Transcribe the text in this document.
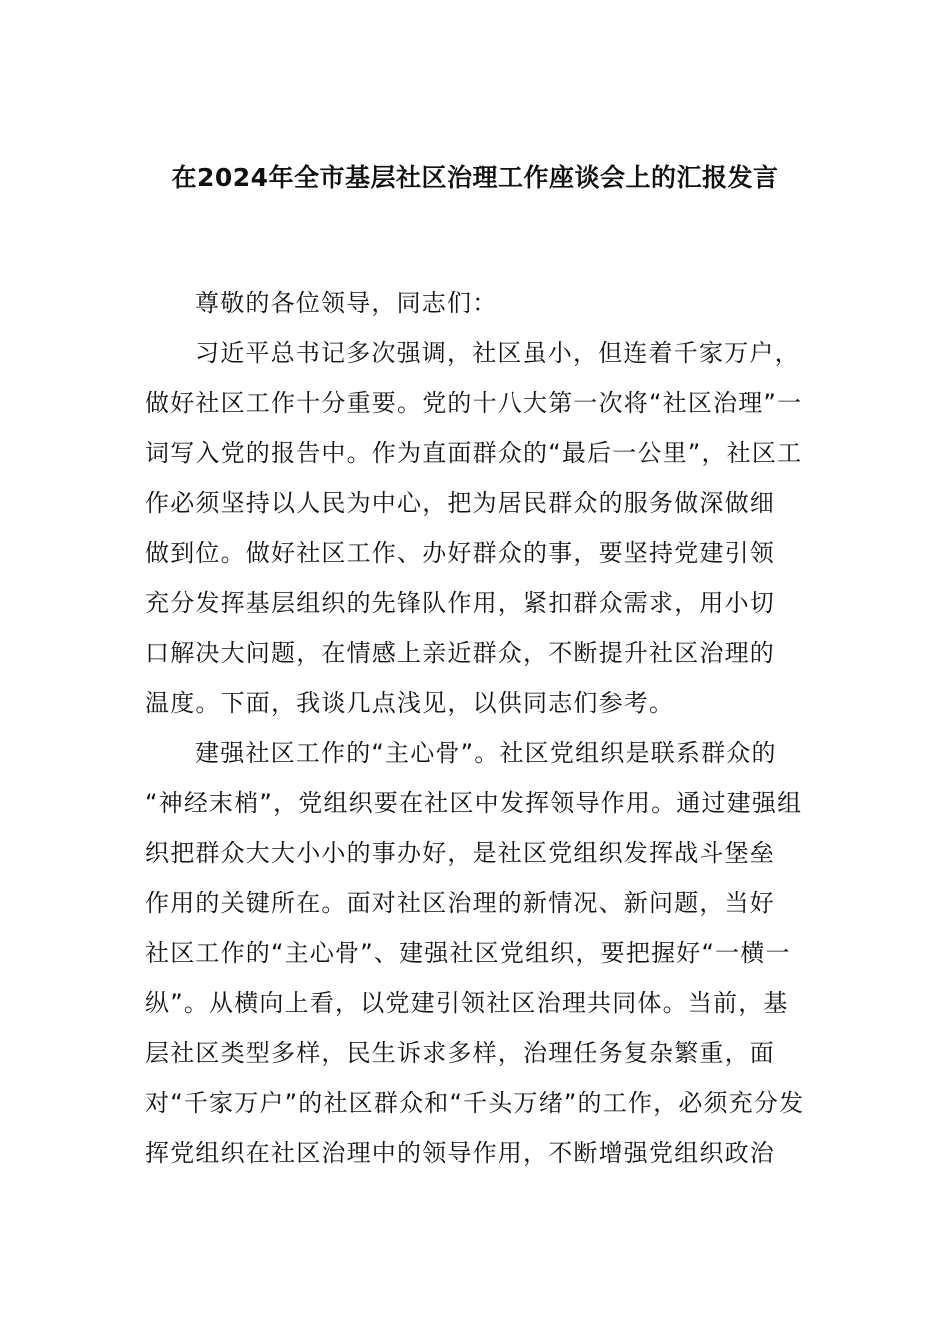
在2024年全市基层社区治理工作座谈会上的汇报发言
尊敬的各位领导，同志们：
习近平总书记多次强调，社区虽小，但连着千家万户，
做好社区工作十分重要。党的十八大第一次将“社区治理”一
词写入党的报告中。作为直面群众的“最后一公里”，社区工
作必须坚持以人民为中心，把为居民群众的服务做深做细
做到位。做好社区工作、办好群众的事，要坚持党建引领
充分发挥基层组织的先锋队作用，紧扣群众需求，用小切
口解决大问题，在情感上亲近群众，不断提升社区治理的
温度。下面，我谈几点浅见，以供同志们参考。
建强社区工作的“主心骨”。社区党组织是联系群众的
“神经末梢”，党组织要在社区中发挥领导作用。通过建强组
织把群众大大小小的事办好，是社区党组织发挥战斗堡垒
作用的关键所在。面对社区治理的新情况、新问题，当好
社区工作的“主心骨”、建强社区党组织，要把握好“一横一
纵”。从横向上看，以党建引领社区治理共同体。当前，基
层社区类型多样，民生诉求多样，治理任务复杂繁重，面
对“千家万户”的社区群众和“千头万绪”的工作，必须充分发
挥党组织在社区治理中的领导作用，不断增强党组织政治
